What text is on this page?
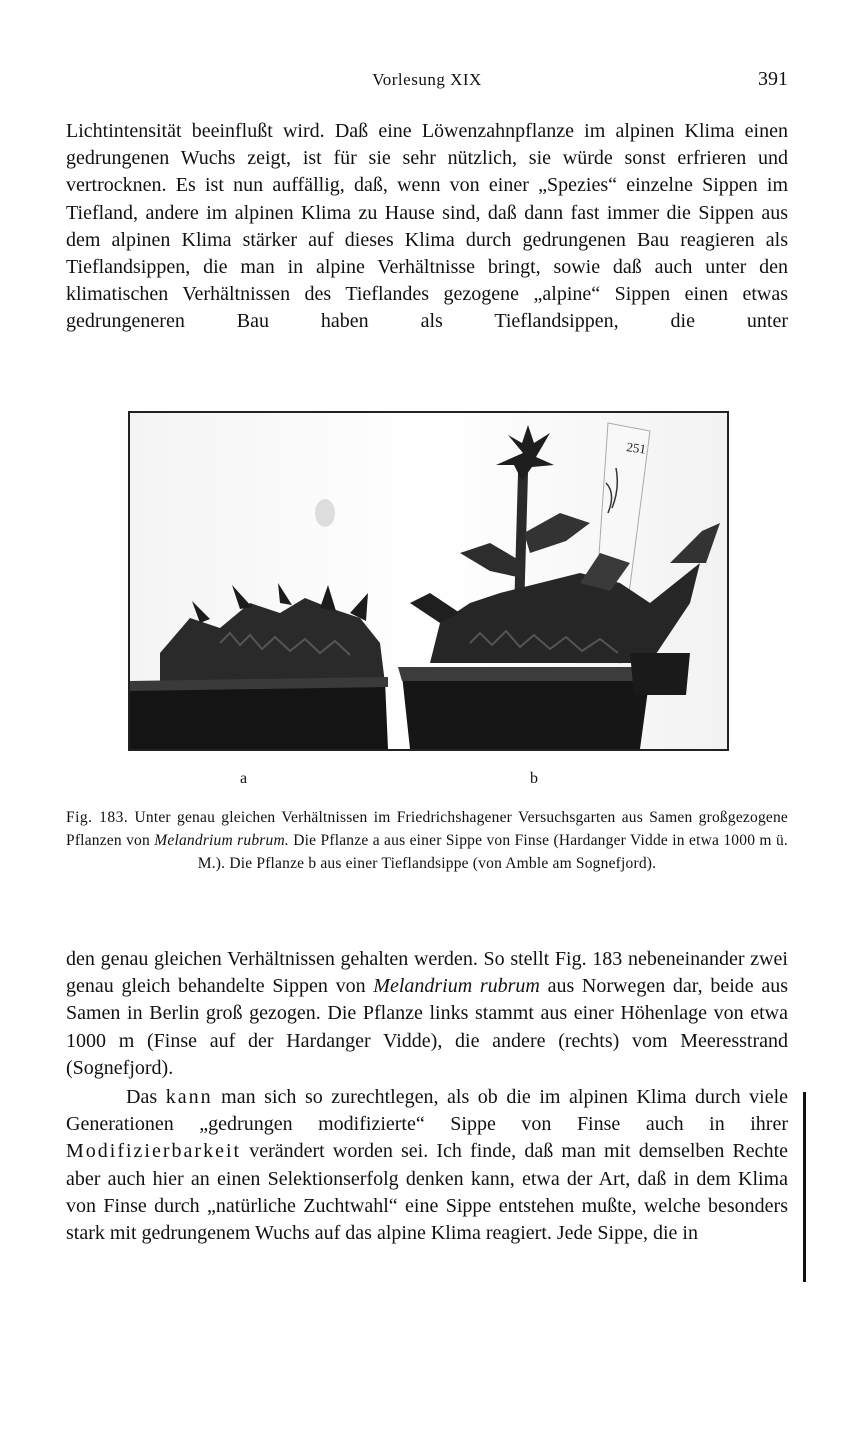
Vorlesung XIX	391
Lichtintensität beeinflußt wird. Daß eine Löwenzahnpflanze im alpinen Klima einen gedrungenen Wuchs zeigt, ist für sie sehr nützlich, sie würde sonst erfrieren und vertrocknen. Es ist nun auffällig, daß, wenn von einer „Spezies“ einzelne Sippen im Tiefland, andere im alpinen Klima zu Hause sind, daß dann fast immer die Sippen aus dem alpinen Klima stärker auf dieses Klima durch gedrungenen Bau reagieren als Tieflandsippen, die man in alpine Verhältnisse bringt, sowie daß auch unter den klimatischen Verhältnissen des Tieflandes gezogene „alpine“ Sippen einen etwas gedrungeneren Bau haben als Tieflandsippen, die unter
251
a	b
Fig. 183. Unter genau gleichen Verhältnissen im Friedrichshagener Versuchsgarten aus Samen großgezogene Pflanzen von Melandrium rubrum. Die Pflanze a aus einer Sippe von Finse (Hardanger Vidde in etwa 1000 m ü. M.). Die Pflanze b aus einer Tieflandsippe (von Amble am Sognefjord).
den genau gleichen Verhältnissen gehalten werden. So stellt Fig. 183 nebeneinander zwei genau gleich behandelte Sippen von Melandrium rubrum aus Norwegen dar, beide aus Samen in Berlin groß gezogen. Die Pflanze links stammt aus einer Höhenlage von etwa 1000 m (Finse auf der Hardanger Vidde), die andere (rechts) vom Meeresstrand (Sognefjord).
Das kann man sich so zurechtlegen, als ob die im alpinen Klima durch viele Generationen „gedrungen modifizierte“ Sippe von Finse auch in ihrer Modifizierbarkeit verändert worden sei. Ich finde, daß man mit demselben Rechte aber auch hier an einen Selektionserfolg denken kann, etwa der Art, daß in dem Klima von Finse durch „natürliche Zuchtwahl“ eine Sippe entstehen mußte, welche besonders stark mit gedrungenem Wuchs auf das alpine Klima reagiert. Jede Sippe, die in
